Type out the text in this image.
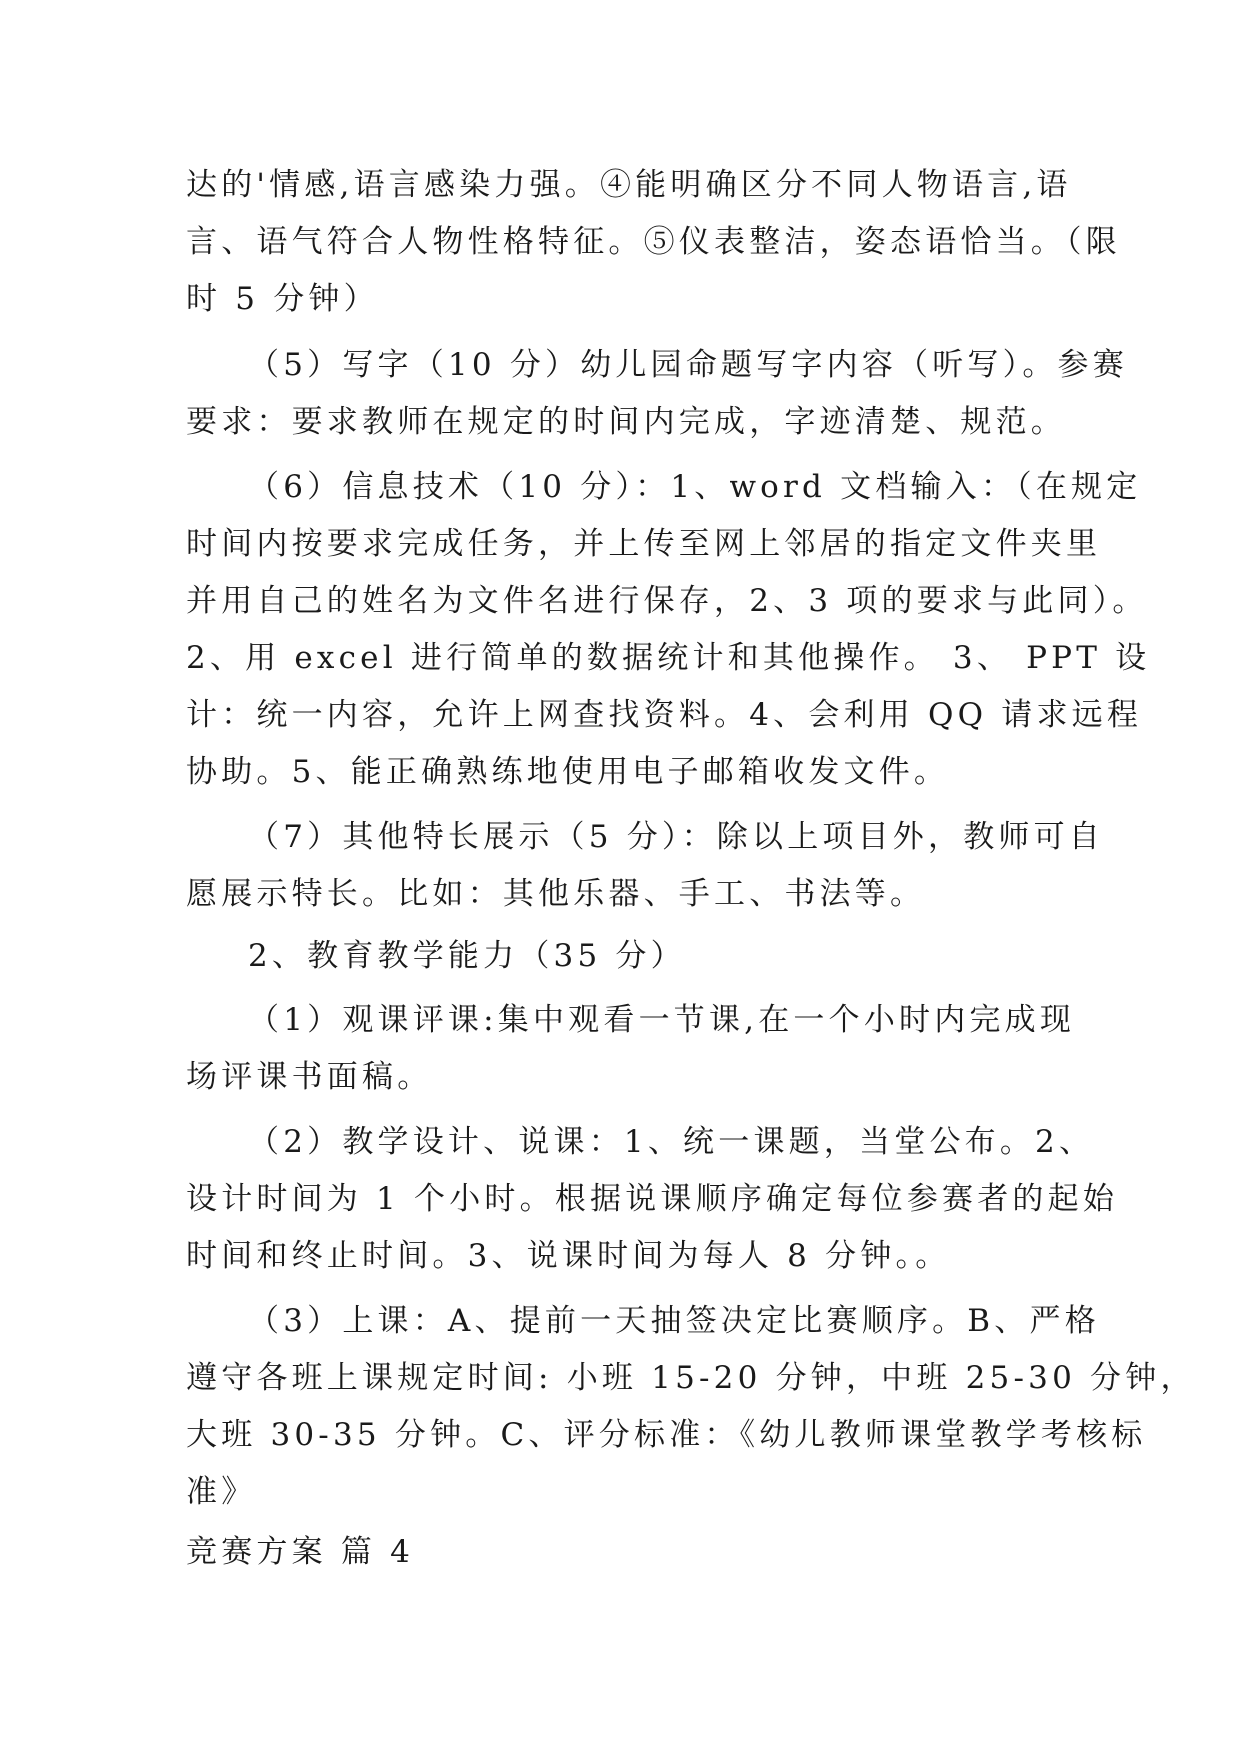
达的'情感,语言感染力强。④能明确区分不同人物语言,语
言、语气符合人物性格特征。⑤仪表整洁，姿态语恰当。（限
时 5 分钟）
（5）写字（10 分）幼儿园命题写字内容（听写）。参赛
要求：要求教师在规定的时间内完成，字迹清楚、规范。
（6）信息技术（10 分）：1、word 文档输入：（在规定
时间内按要求完成任务，并上传至网上邻居的指定文件夹里
并用自己的姓名为文件名进行保存，2、3 项的要求与此同）。
2、用 excel 进行简单的数据统计和其他操作。 3、 PPT 设
计：统一内容，允许上网查找资料。4、会利用 QQ 请求远程
协助。5、能正确熟练地使用电子邮箱收发文件。
（7）其他特长展示（5 分）：除以上项目外，教师可自
愿展示特长。比如：其他乐器、手工、书法等。
2、教育教学能力（35 分）
（1）观课评课:集中观看一节课,在一个小时内完成现
场评课书面稿。
（2）教学设计、说课：1、统一课题，当堂公布。2、
设计时间为 1 个小时。根据说课顺序确定每位参赛者的起始
时间和终止时间。3、说课时间为每人 8 分钟。。
（3）上课：A、提前一天抽签决定比赛顺序。B、严格
遵守各班上课规定时间: 小班 15-20 分钟，中班 25-30 分钟，
大班 30-35 分钟。C、评分标准：《幼儿教师课堂教学考核标
准》
竞赛方案 篇 4
